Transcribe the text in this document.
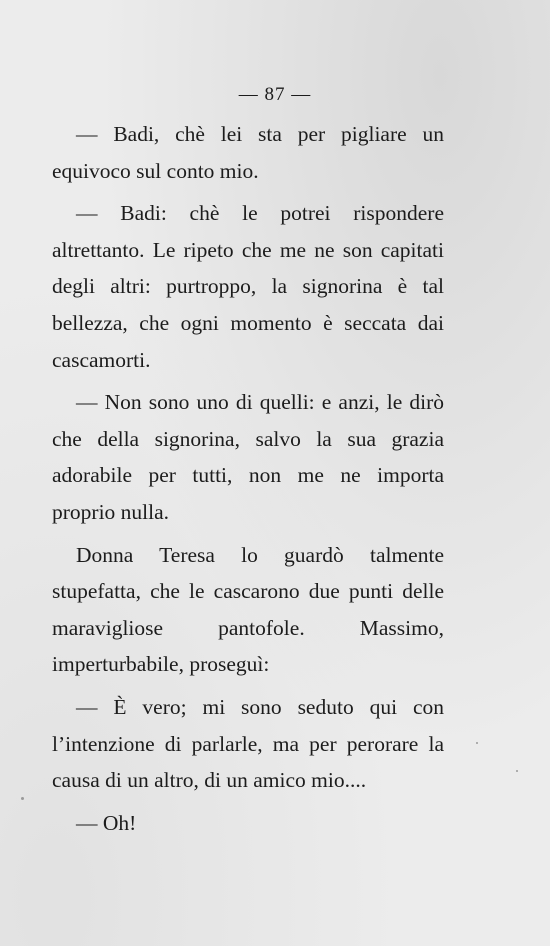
— 87 —

— Badi, chè lei sta per pigliare un equivoco sul conto mio.

— Badi: chè le potrei rispondere altrettanto. Le ripeto che me ne son capitati degli altri: purtroppo, la signorina è tal bellezza, che ogni momento è seccata dai cascamorti.

— Non sono uno di quelli: e anzi, le dirò che della signorina, salvo la sua grazia adorabile per tutti, non me ne importa proprio nulla.

Donna Teresa lo guardò talmente stupefatta, che le cascarono due punti delle maravigliose pantofole. Massimo, imperturbabile, proseguì:

— È vero; mi sono seduto qui con l’intenzione di parlarle, ma per perorare la causa di un altro, di un amico mio....

— Oh!
